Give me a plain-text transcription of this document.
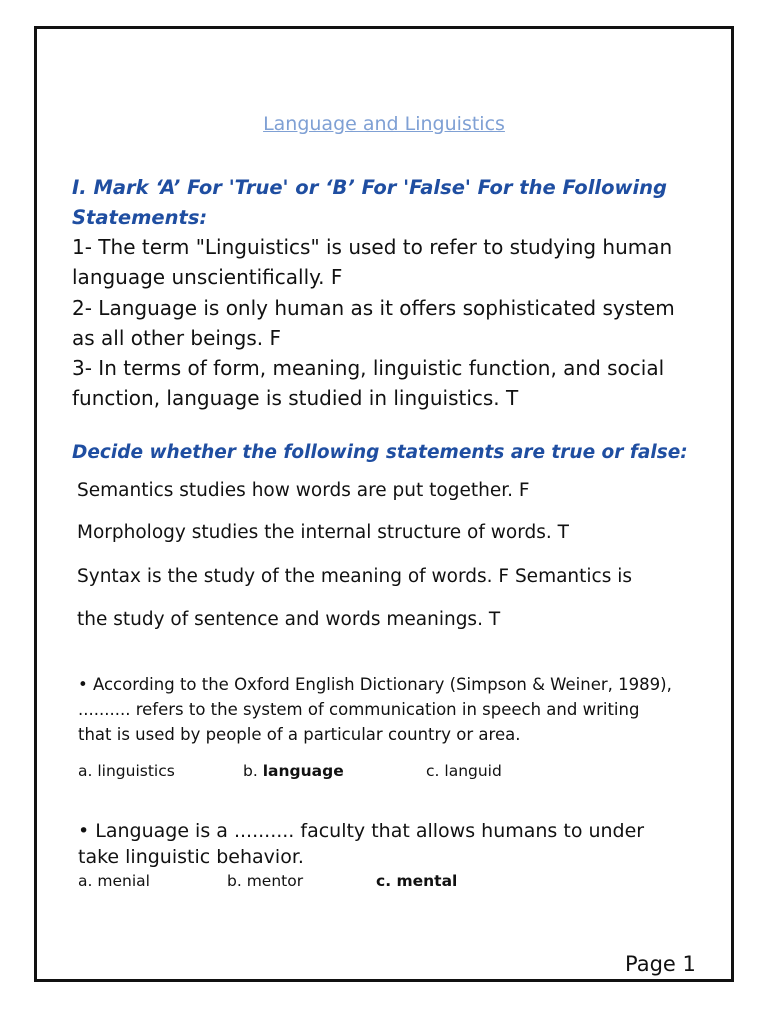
Language and Linguistics
I. Mark ‘A’ For 'True' or ‘B’ For 'False' For the Following
Statements:
1- The term "Linguistics" is used to refer to studying human
language unscientifically. F
2- Language is only human as it offers sophisticated system
as all other beings. F
3- In terms of form, meaning, linguistic function, and social
function, language is studied in linguistics. T
Decide whether the following statements are true or false:
Semantics studies how words are put together. F
Morphology studies the internal structure of words. T
Syntax is the study of the meaning of words. F Semantics is
the study of sentence and words meanings. T
• According to the Oxford English Dictionary (Simpson & Weiner, 1989),
.......... refers to the system of communication in speech and writing
that is used by people of a particular country or area.
a. linguistics	b. language	c. languid
• Language is a .......... faculty that allows humans to under
take linguistic behavior.
a. menial	b. mentor	c. mental
Page 1
